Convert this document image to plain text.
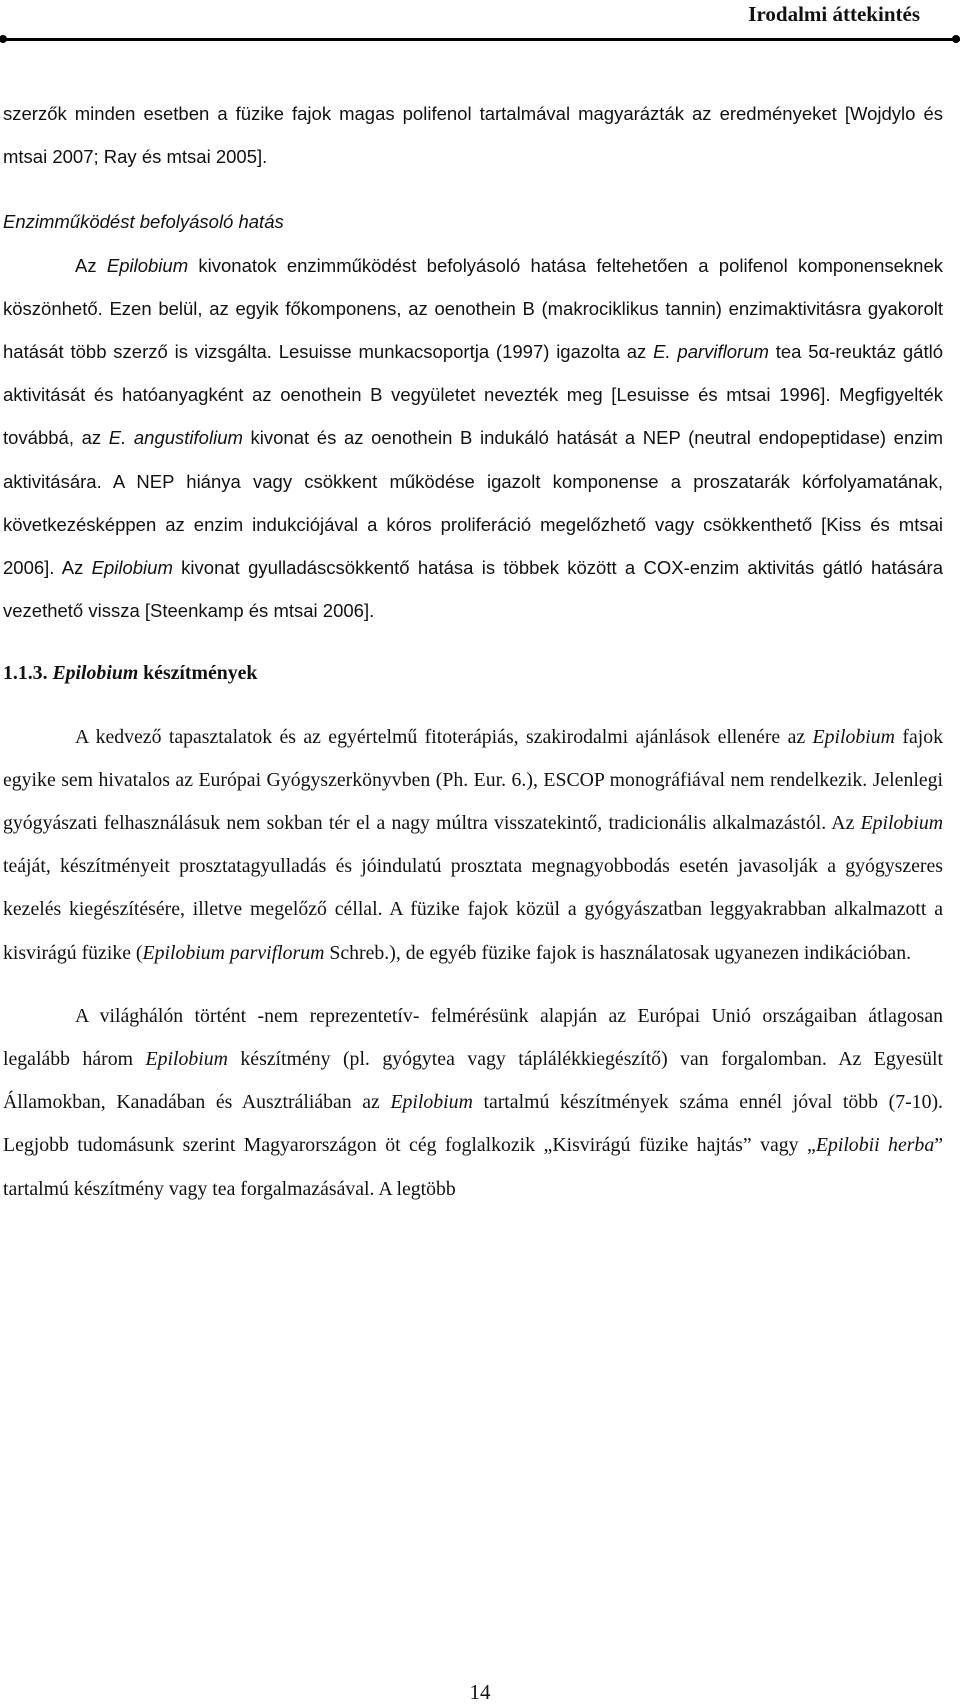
Irodalmi áttekintés

szerzők minden esetben a füzike fajok magas polifenol tartalmával magyarázták az eredményeket [Wojdylo és mtsai 2007; Ray és mtsai 2005].

Enzimműködést befolyásoló hatás

Az Epilobium kivonatok enzimműködést befolyásoló hatása feltehetően a polifenol komponenseknek köszönhető. Ezen belül, az egyik főkomponens, az oenothein B (makrociklikus tannin) enzimaktivitásra gyakorolt hatását több szerző is vizsgálta. Lesuisse munkacsoportja (1997) igazolta az E. parviflorum tea 5α-reuktáz gátló aktivitását és hatóanyagként az oenothein B vegyületet nevezték meg [Lesuisse és mtsai 1996]. Megfigyelték továbbá, az E. angustifolium kivonat és az oenothein B indukáló hatását a NEP (neutral endopeptidase) enzim aktivitására. A NEP hiánya vagy csökkent működése igazolt komponense a proszatarák kórfolyamatának, következésképpen az enzim indukciójával a kóros proliferáció megelőzhető vagy csökkenthető [Kiss és mtsai 2006]. Az Epilobium kivonat gyulladáscsökkentő hatása is többek között a COX-enzim aktivitás gátló hatására vezethető vissza [Steenkamp és mtsai 2006].

1.1.3. Epilobium készítmények

A kedvező tapasztalatok és az egyértelmű fitoterápiás, szakirodalmi ajánlások ellenére az Epilobium fajok egyike sem hivatalos az Európai Gyógyszerkönyvben (Ph. Eur. 6.), ESCOP monográfiával nem rendelkezik. Jelenlegi gyógyászati felhasználásuk nem sokban tér el a nagy múltra visszatekintő, tradicionális alkalmazástól. Az Epilobium teáját, készítményeit prosztatagyulladás és jóindulatú prosztata megnagyobbodás esetén javasolják a gyógyszeres kezelés kiegészítésére, illetve megelőző céllal. A füzike fajok közül a gyógyászatban leggyakrabban alkalmazott a kisvirágú füzike (Epilobium parviflorum Schreb.), de egyéb füzike fajok is használatosak ugyanezen indikációban.

A világhálón történt -nem reprezentetív- felmérésünk alapján az Európai Unió országaiban átlagosan legalább három Epilobium készítmény (pl. gyógytea vagy táplálékkiegészítő) van forgalomban. Az Egyesült Államokban, Kanadában és Ausztráliában az Epilobium tartalmú készítmények száma ennél jóval több (7-10). Legjobb tudomásunk szerint Magyarországon öt cég foglalkozik „Kisvirágú füzike hajtás” vagy „Epilobii herba” tartalmú készítmény vagy tea forgalmazásával. A legtöbb

14
